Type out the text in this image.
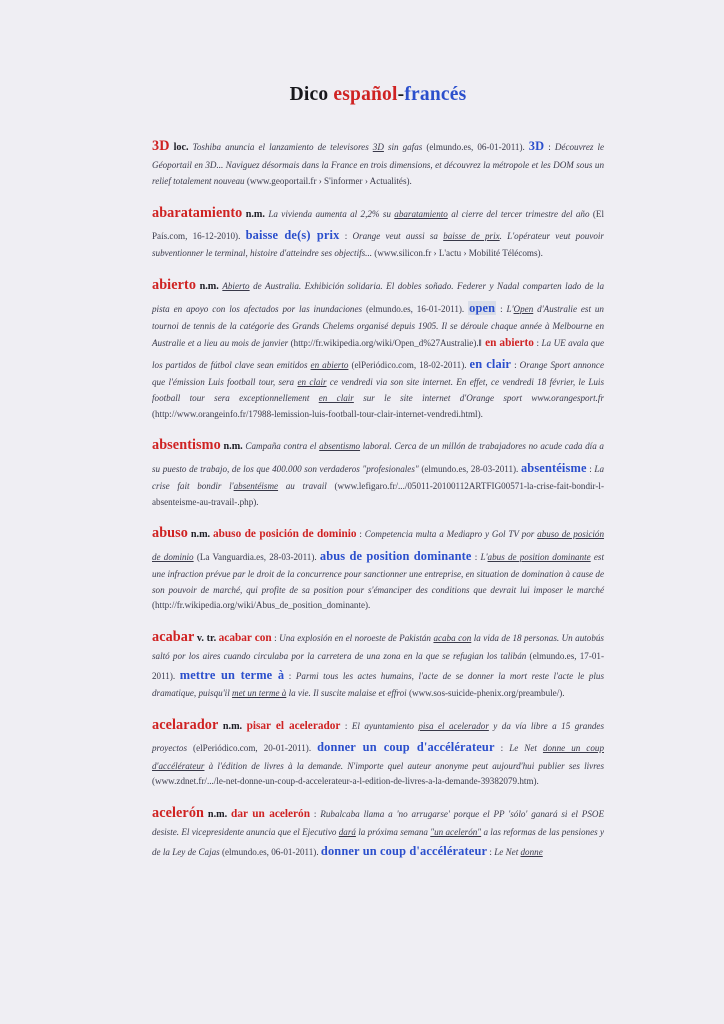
Dico español-francés

3D loc. Toshiba anuncia el lanzamiento de televisores 3D sin gafas (elmundo.es, 06-01-2011). 3D : Découvrez le Géoportail en 3D... Naviguez désormais dans la France en trois dimensions, et découvrez la métropole et les DOM sous un relief totalement nouveau (www.geoportail.fr › S'informer › Actualités).

abaratamiento n.m. La vivienda aumenta al 2,2% su abaratamiento al cierre del tercer trimestre del año (El País.com, 16-12-2010). baisse de(s) prix : Orange veut aussi sa baisse de prix. L'opérateur veut pouvoir subventionner le terminal, histoire d'atteindre ses objectifs... (www.silicon.fr › L'actu › Mobilité Télécoms).

abierto n.m. Abierto de Australia. Exhibición solidaria. El dobles soñado. Federer y Nadal comparten lado de la pista en apoyo con los afectados por las inundaciones (elmundo.es, 16-01-2011). open : L'Open d'Australie est un tournoi de tennis de la catégorie des Grands Chelems organisé depuis 1905. Il se déroule chaque année à Melbourne en Australie et a lieu au mois de janvier (http://fr.wikipedia.org/wiki/Open_d%27Australie).‖ en abierto : La UE avala que los partidos de fútbol clave sean emitidos en abierto (elPeriódico.com, 18-02-2011). en clair : Orange Sport annonce que l'émission Luis football tour, sera en clair ce vendredi via son site internet. En effet, ce vendredi 18 février, le Luis football tour sera exceptionnellement en clair sur le site internet d'Orange sport www.orangesport.fr (http://www.orangeinfo.fr/17988-lemission-luis-football-tour-clair-internet-vendredi.html).

absentismo n.m. Campaña contra el absentismo laboral. Cerca de un millón de trabajadores no acude cada día a su puesto de trabajo, de los que 400.000 son verdaderos "profesionales" (elmundo.es, 28-03-2011). absentéisme : La crise fait bondir l'absentéisme au travail (www.lefigaro.fr/.../05011-20100112ARTFIG00571-la-crise-fait-bondir-l-absenteisme-au-travail-.php).

abuso n.m. abuso de posición de dominio : Competencia multa a Mediapro y Gol TV por abuso de posición de dominio (La Vanguardia.es, 28-03-2011). abus de position dominante : L'abus de position dominante est une infraction prévue par le droit de la concurrence pour sanctionner une entreprise, en situation de domination à cause de son pouvoir de marché, qui profite de sa position pour s'émanciper des conditions que devrait lui imposer le marché (http://fr.wikipedia.org/wiki/Abus_de_position_dominante).

acabar v. tr. acabar con : Una explosión en el noroeste de Pakistán acaba con la vida de 18 personas. Un autobús saltó por los aires cuando circulaba por la carretera de una zona en la que se refugian los talibán (elmundo.es, 17-01-2011). mettre un terme à : Parmi tous les actes humains, l'acte de se donner la mort reste l'acte le plus dramatique, puisqu'il met un terme à la vie. Il suscite malaise et effroi (www.sos-suicide-phenix.org/preambule/).

acelarador n.m. pisar el acelerador : El ayuntamiento pisa el acelerador y da vía libre a 15 grandes proyectos (elPeriódico.com, 20-01-2011). donner un coup d'accélérateur : Le Net donne un coup d'accélérateur à l'édition de livres à la demande. N'importe quel auteur anonyme peut aujourd'hui publier ses livres (www.zdnet.fr/.../le-net-donne-un-coup-d-accelerateur-a-l-edition-de-livres-a-la-demande-39382079.htm).

acelerón n.m. dar un acelerón : Rubalcaba llama a 'no arrugarse' porque el PP 'sólo' ganará si el PSOE desiste. El vicepresidente anuncia que el Ejecutivo dará la próxima semana "un acelerón" a las reformas de las pensiones y de la Ley de Cajas (elmundo.es, 06-01-2011). donner un coup d'accélérateur : Le Net donne
